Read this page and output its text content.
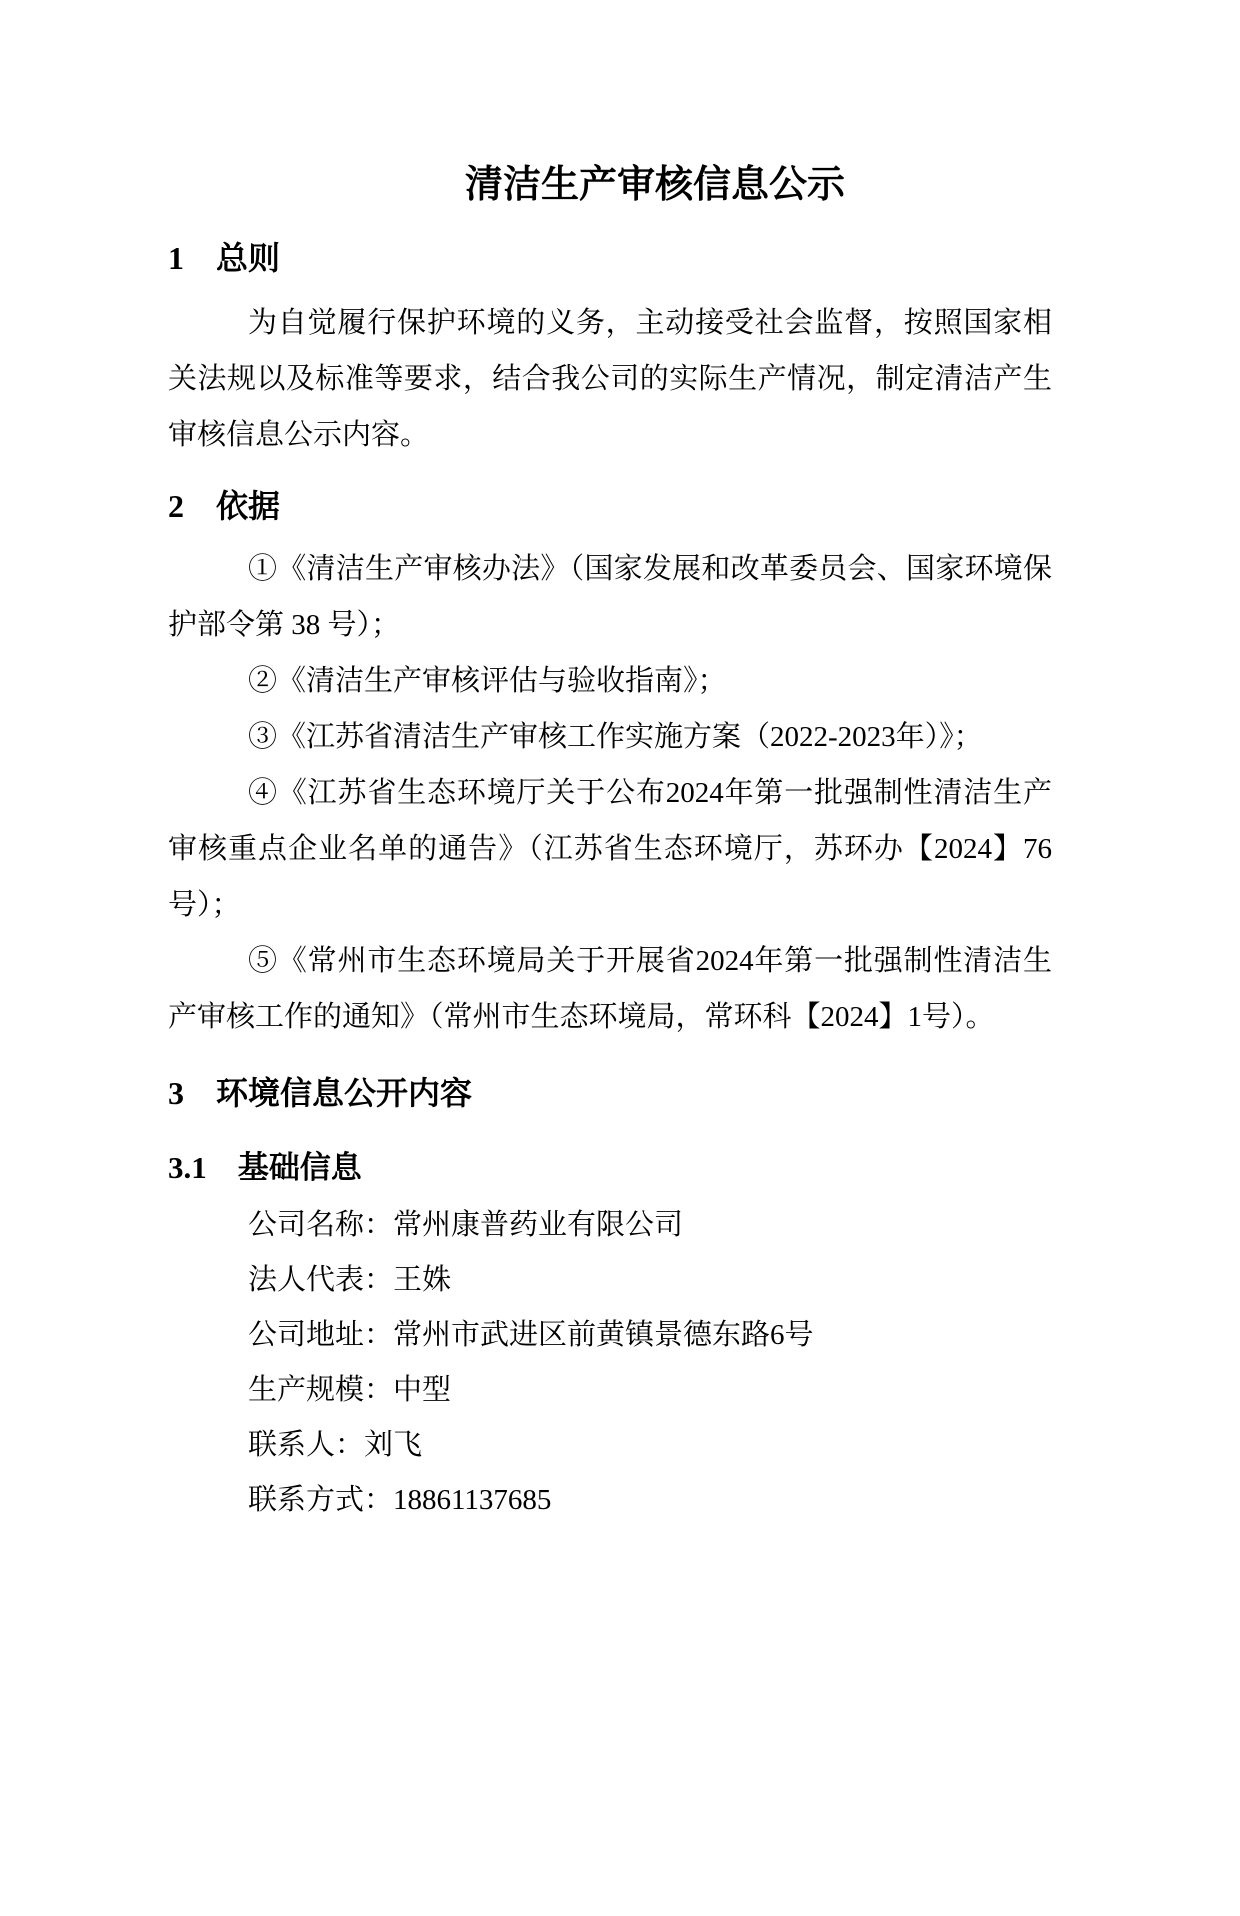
清洁生产审核信息公示

1　总则

为自觉履行保护环境的义务，主动接受社会监督，按照国家相关法规以及标准等要求，结合我公司的实际生产情况，制定清洁产生审核信息公示内容。

2　依据

①《清洁生产审核办法》（国家发展和改革委员会、国家环境保护部令第 38 号）；

②《清洁生产审核评估与验收指南》；

③《江苏省清洁生产审核工作实施方案（2022-2023年）》；

④《江苏省生态环境厅关于公布2024年第一批强制性清洁生产审核重点企业名单的通告》（江苏省生态环境厅，苏环办【2024】76号）；

⑤《常州市生态环境局关于开展省2024年第一批强制性清洁生产审核工作的通知》（常州市生态环境局，常环科【2024】1号）。

3　环境信息公开内容

3.1　基础信息

公司名称：常州康普药业有限公司

法人代表：王姝

公司地址：常州市武进区前黄镇景德东路6号

生产规模：中型

联系人：刘飞

联系方式：18861137685
